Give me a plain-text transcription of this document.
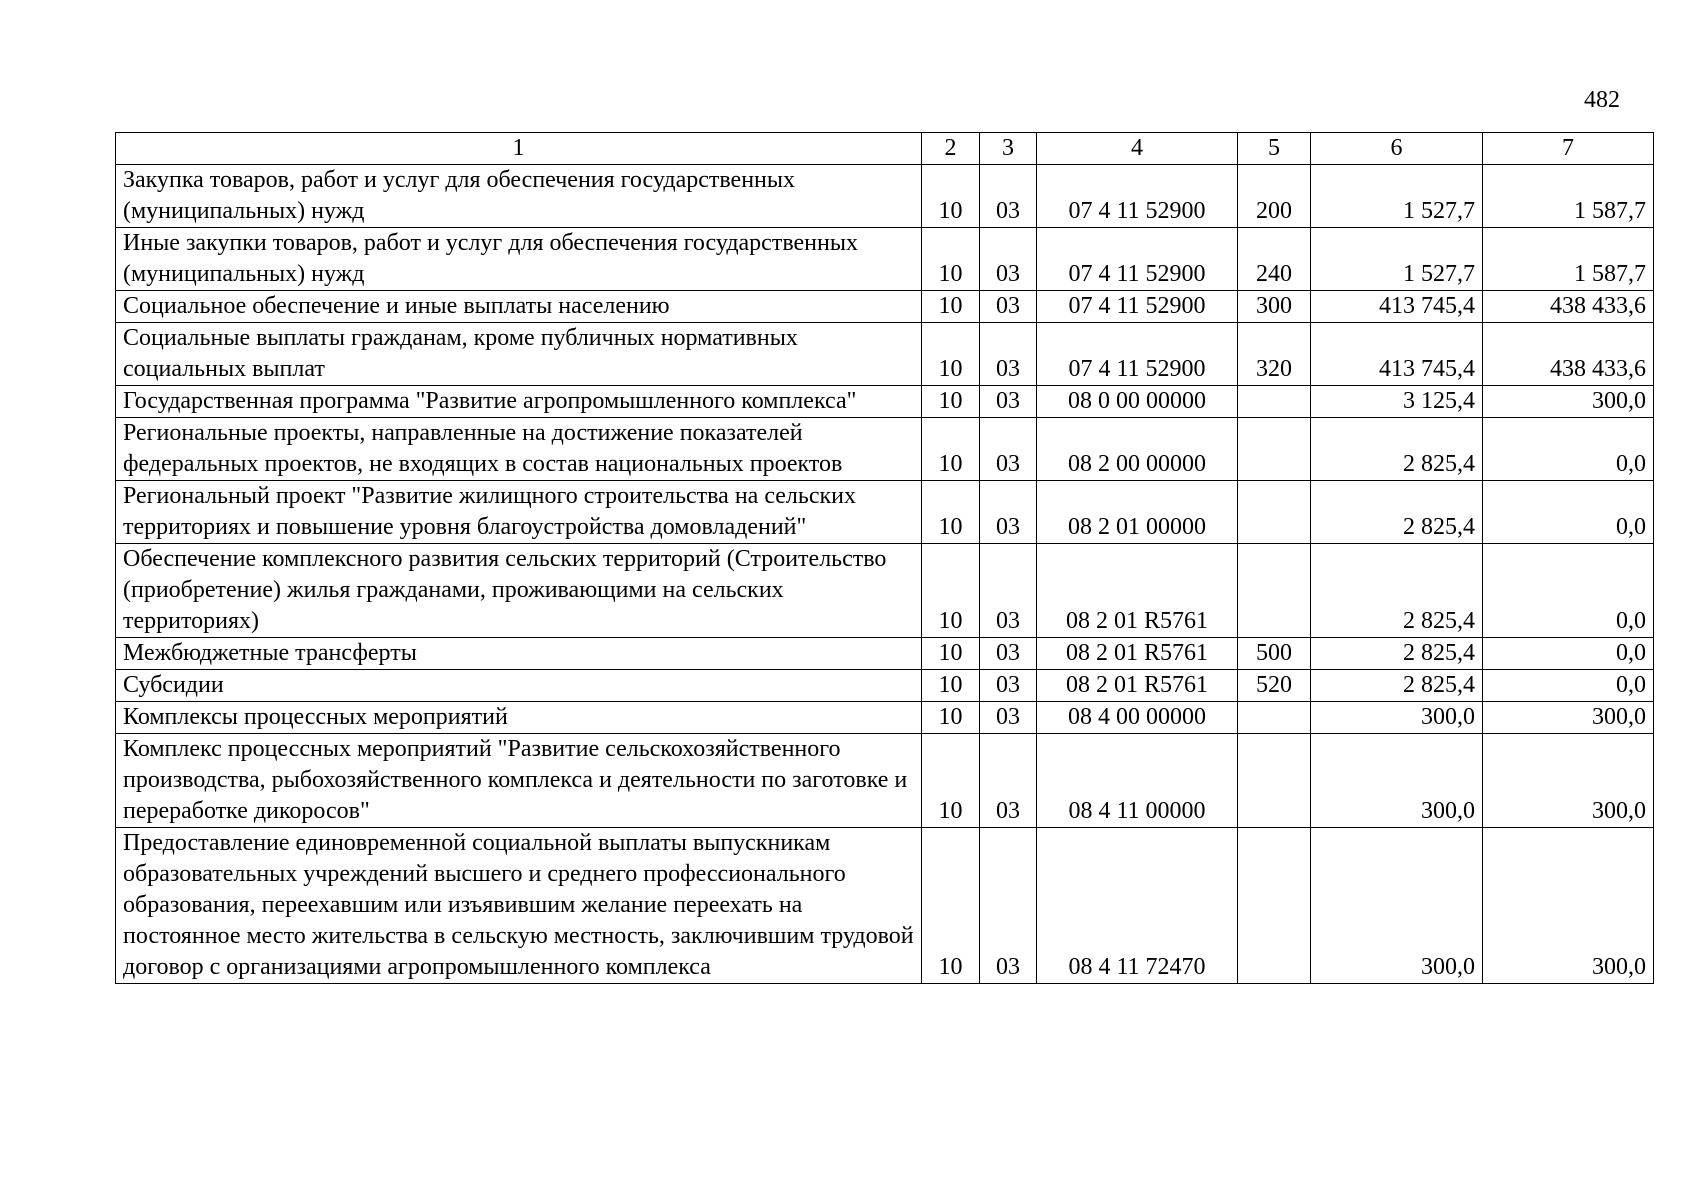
482
1	2	3	4	5	6	7
Закупка товаров, работ и услуг для обеспечения государственных (муниципальных) нужд	10	03	07 4 11 52900	200	1 527,7	1 587,7
Иные закупки товаров, работ и услуг для обеспечения государственных (муниципальных) нужд	10	03	07 4 11 52900	240	1 527,7	1 587,7
Социальное обеспечение и иные выплаты населению	10	03	07 4 11 52900	300	413 745,4	438 433,6
Социальные выплаты гражданам, кроме публичных нормативных социальных выплат	10	03	07 4 11 52900	320	413 745,4	438 433,6
Государственная программа "Развитие агропромышленного комплекса"	10	03	08 0 00 00000		3 125,4	300,0
Региональные проекты, направленные на достижение показателей федеральных проектов, не входящих в состав национальных проектов	10	03	08 2 00 00000		2 825,4	0,0
Региональный проект "Развитие жилищного строительства на сельских территориях и повышение уровня благоустройства домовладений"	10	03	08 2 01 00000		2 825,4	0,0
Обеспечение комплексного развития сельских территорий (Строительство (приобретение) жилья гражданами, проживающими на сельских территориях)	10	03	08 2 01 R5761		2 825,4	0,0
Межбюджетные трансферты	10	03	08 2 01 R5761	500	2 825,4	0,0
Субсидии	10	03	08 2 01 R5761	520	2 825,4	0,0
Комплексы процессных мероприятий	10	03	08 4 00 00000		300,0	300,0
Комплекс процессных мероприятий "Развитие сельскохозяйственного производства, рыбохозяйственного комплекса и деятельности по заготовке и переработке дикоросов"	10	03	08 4 11 00000		300,0	300,0
Предоставление единовременной социальной выплаты выпускникам образовательных учреждений высшего и среднего профессионального образования, переехавшим или изъявившим желание переехать на постоянное место жительства в сельскую местность, заключившим трудовой договор с организациями агропромышленного комплекса	10	03	08 4 11 72470		300,0	300,0
